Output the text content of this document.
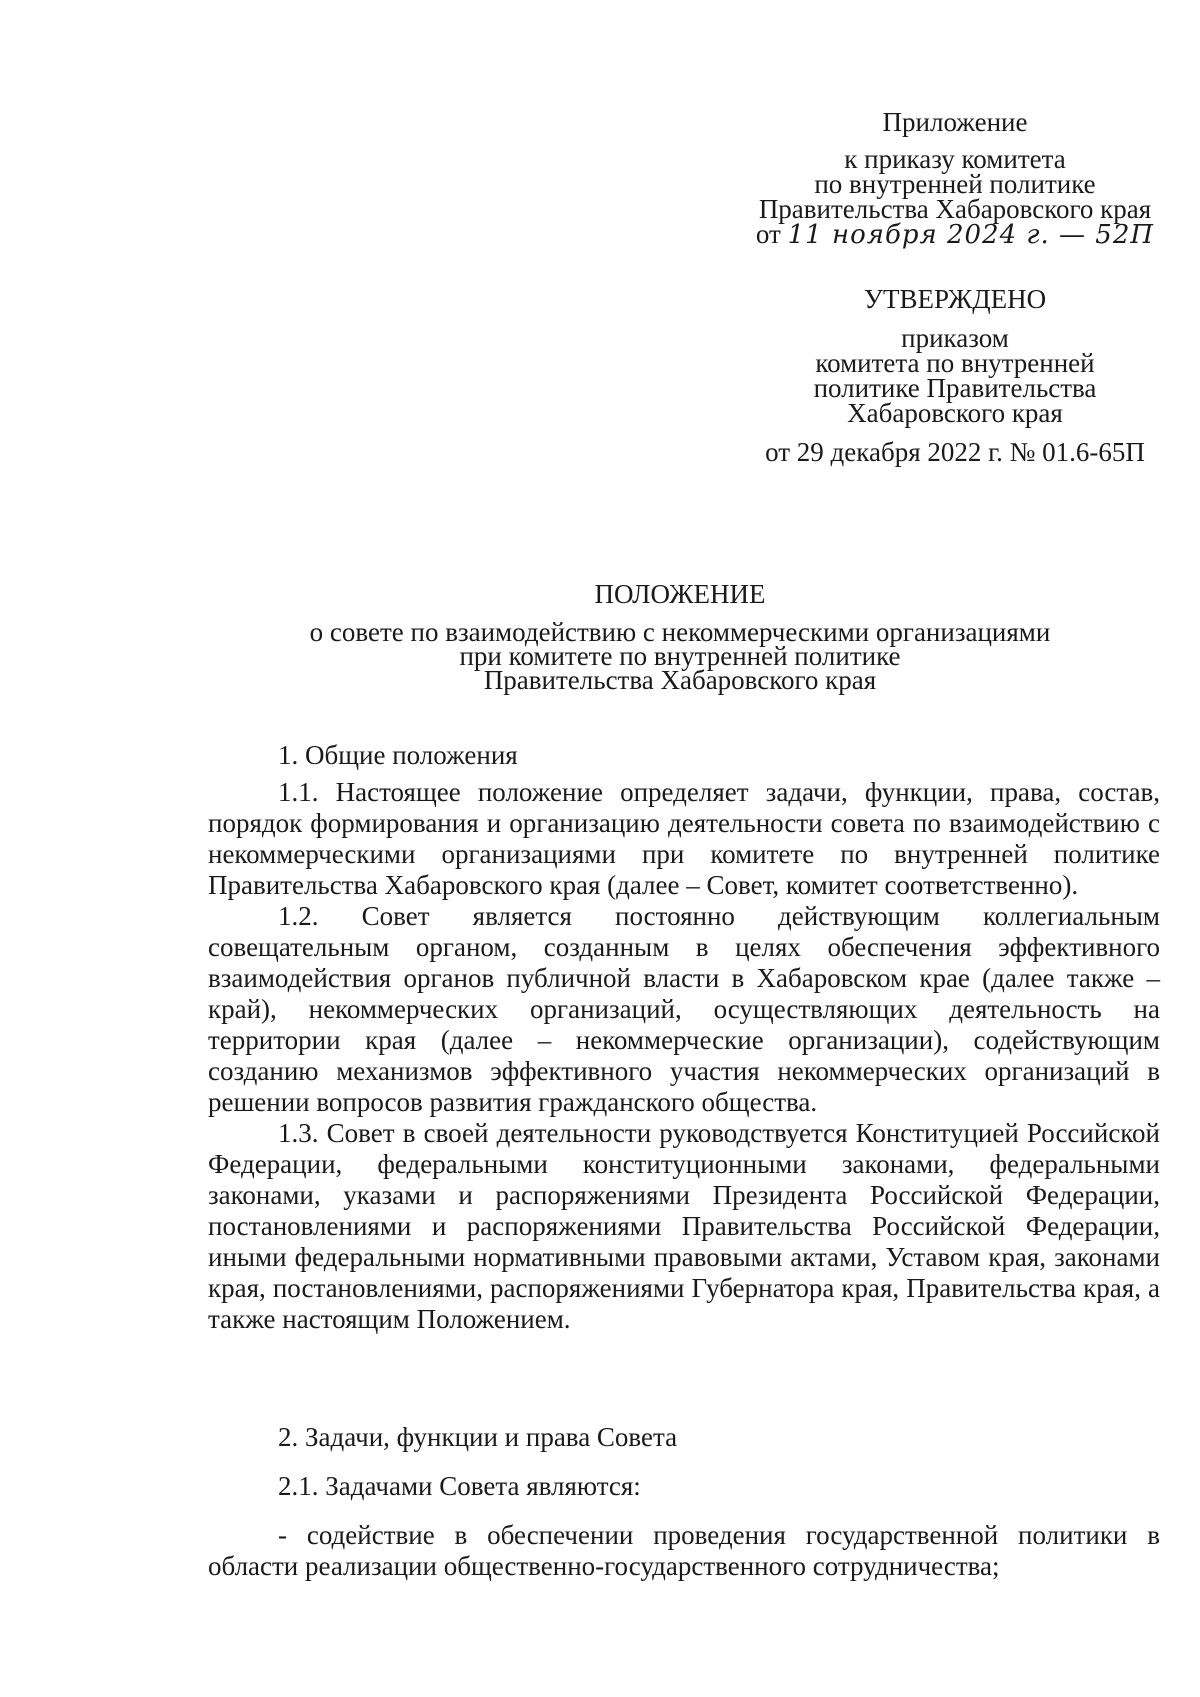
Приложение
к приказу комитета
по внутренней политике
Правительства Хабаровского края
от 11 ноября 2024 г. — 52П
УТВЕРЖДЕНО
приказом
комитета по внутренней
политике Правительства
Хабаровского края
от 29 декабря 2022 г. № 01.6-65П
ПОЛОЖЕНИЕ
о совете по взаимодействию с некоммерческими организациями
при комитете по внутренней политике
Правительства Хабаровского края

1. Общие положения

1.1. Настоящее положение определяет задачи, функции, права, состав, порядок формирования и организацию деятельности совета по взаимодействию с некоммерческими организациями при комитете по внутренней политике Правительства Хабаровского края (далее – Совет, комитет соответственно).

1.2. Совет является постоянно действующим коллегиальным совещательным органом, созданным в целях обеспечения эффективного взаимодействия органов публичной власти в Хабаровском крае (далее также – край), некоммерческих организаций, осуществляющих деятельность на территории края (далее – некоммерческие организации), содействующим созданию механизмов эффективного участия некоммерческих организаций в решении вопросов развития гражданского общества.

1.3. Совет в своей деятельности руководствуется Конституцией Российской Федерации, федеральными конституционными законами, федеральными законами, указами и распоряжениями Президента Российской Федерации, постановлениями и распоряжениями Правительства Российской Федерации, иными федеральными нормативными правовыми актами, Уставом края, законами края, постановлениями, распоряжениями Губернатора края, Правительства края, а также настоящим Положением.

2. Задачи, функции и права Совета

2.1. Задачами Совета являются:

- содействие в обеспечении проведения государственной политики в области реализации общественно-государственного сотрудничества;
